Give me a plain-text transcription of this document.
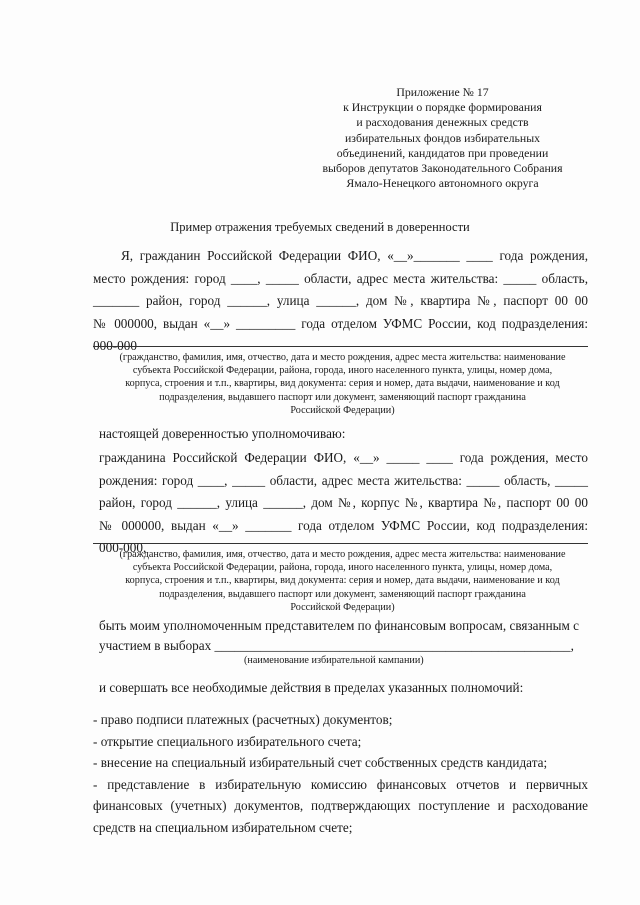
Приложение № 17
к Инструкции о порядке формирования
и расходования денежных средств
избирательных фондов избирательных
объединений, кандидатов при проведении
выборов депутатов Законодательного Собрания
Ямало-Ненецкого автономного округа
Пример отражения требуемых сведений в доверенности
Я, гражданин Российской Федерации ФИО, «__»_______ ____ года рождения,
место рождения: город ____, _____ области, адрес места жительства: _____ область,
_______ район, город ______, улица ______, дом №, квартира №, паспорт 00 00
№ 000000, выдан «__» _________ года отделом УФМС России, код подразделения:
000-000
(гражданство, фамилия, имя, отчество, дата и место рождения, адрес места жительства: наименование
субъекта Российской Федерации, района, города, иного населенного пункта, улицы, номер дома,
корпуса, строения и т.п., квартиры, вид документа: серия и номер, дата выдачи, наименование и код
подразделения, выдавшего паспорт или документ, заменяющий паспорт гражданина
Российской Федерации)
настоящей доверенностью уполномочиваю:
гражданина Российской Федерации ФИО, «__» _____ ____ года рождения, место
рождения: город ____, _____ области, адрес места жительства: _____ область, _____
район, город ______, улица ______, дом №, корпус №, квартира №, паспорт 00 00
№ 000000, выдан «__» _______ года отделом УФМС России, код подразделения:
000-000,
(гражданство, фамилия, имя, отчество, дата и место рождения, адрес места жительства: наименование
субъекта Российской Федерации, района, города, иного населенного пункта, улицы, номер дома,
корпуса, строения и т.п., квартиры, вид документа: серия и номер, дата выдачи, наименование и код
подразделения, выдавшего паспорт или документ, заменяющий паспорт гражданина
Российской Федерации)
быть моим уполномоченным представителем по финансовым вопросам, связанным с
участием в выборах ______________________________________________________,
(наименование избирательной кампании)
и совершать все необходимые действия в пределах указанных полномочий:
- право подписи платежных (расчетных) документов;
- открытие специального избирательного счета;
- внесение на специальный избирательный счет собственных средств кандидата;
- представление в избирательную комиссию финансовых отчетов и первичных
финансовых (учетных) документов, подтверждающих поступление и расходование
средств на специальном избирательном счете;
